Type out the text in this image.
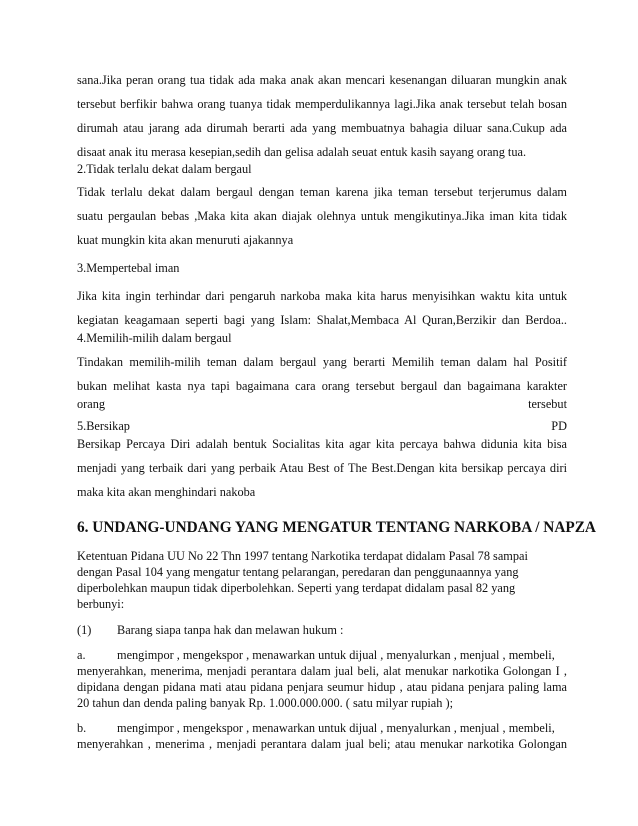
sana.Jika peran orang tua tidak ada maka anak akan mencari kesenangan diluaran mungkin anak
tersebut berfikir bahwa orang tuanya tidak memperdulikannya lagi.Jika anak tersebut telah bosan
dirumah atau jarang ada dirumah berarti ada yang membuatnya bahagia diluar sana.Cukup ada
disaat anak itu merasa kesepian,sedih dan gelisa adalah seuat entuk kasih sayang orang tua.
2.Tidak terlalu dekat dalam bergaul
Tidak terlalu dekat dalam bergaul dengan teman karena jika teman tersebut terjerumus dalam
suatu pergaulan bebas ,Maka kita akan diajak olehnya untuk mengikutinya.Jika iman kita tidak
kuat mungkin kita akan menuruti ajakannya
3.Mempertebal iman
Jika kita ingin terhindar dari pengaruh narkoba maka kita harus menyisihkan waktu kita untuk
kegiatan keagamaan seperti bagi yang Islam: Shalat,Membaca Al Quran,Berzikir dan Berdoa..
4.Memilih-milih dalam bergaul
Tindakan memilih-milih teman dalam bergaul yang berarti Memilih teman dalam hal Positif
bukan melihat kasta nya tapi bagaimana cara orang tersebut bergaul dan bagaimana karakter
orang	tersebut
5.Bersikap	PD
Bersikap Percaya Diri adalah bentuk Socialitas kita agar kita percaya bahwa didunia kita bisa
menjadi yang terbaik dari yang perbaik Atau Best of The Best.Dengan kita bersikap percaya diri
maka kita akan menghindari nakoba
6. UNDANG-UNDANG YANG MENGATUR TENTANG NARKOBA / NAPZA
Ketentuan Pidana UU No 22 Thn 1997 tentang Narkotika terdapat didalam Pasal 78 sampai
dengan Pasal 104 yang mengatur tentang pelarangan, peredaran dan penggunaannya yang
diperbolehkan maupun tidak diperbolehkan. Seperti yang terdapat didalam pasal 82 yang
berbunyi:
(1) Barang siapa tanpa hak dan melawan hukum :
a.	mengimpor , mengekspor , menawarkan untuk dijual , menyalurkan , menjual , membeli,
menyerahkan, menerima, menjadi perantara dalam jual beli, alat menukar narkotika Golongan I ,
dipidana dengan pidana mati atau pidana penjara seumur hidup , atau pidana penjara paling lama
20 tahun dan denda paling banyak Rp. 1.000.000.000. ( satu milyar rupiah );
b.	mengimpor , mengekspor , menawarkan untuk dijual , menyalurkan , menjual , membeli,
menyerahkan , menerima , menjadi perantara dalam jual beli; atau menukar narkotika Golongan
